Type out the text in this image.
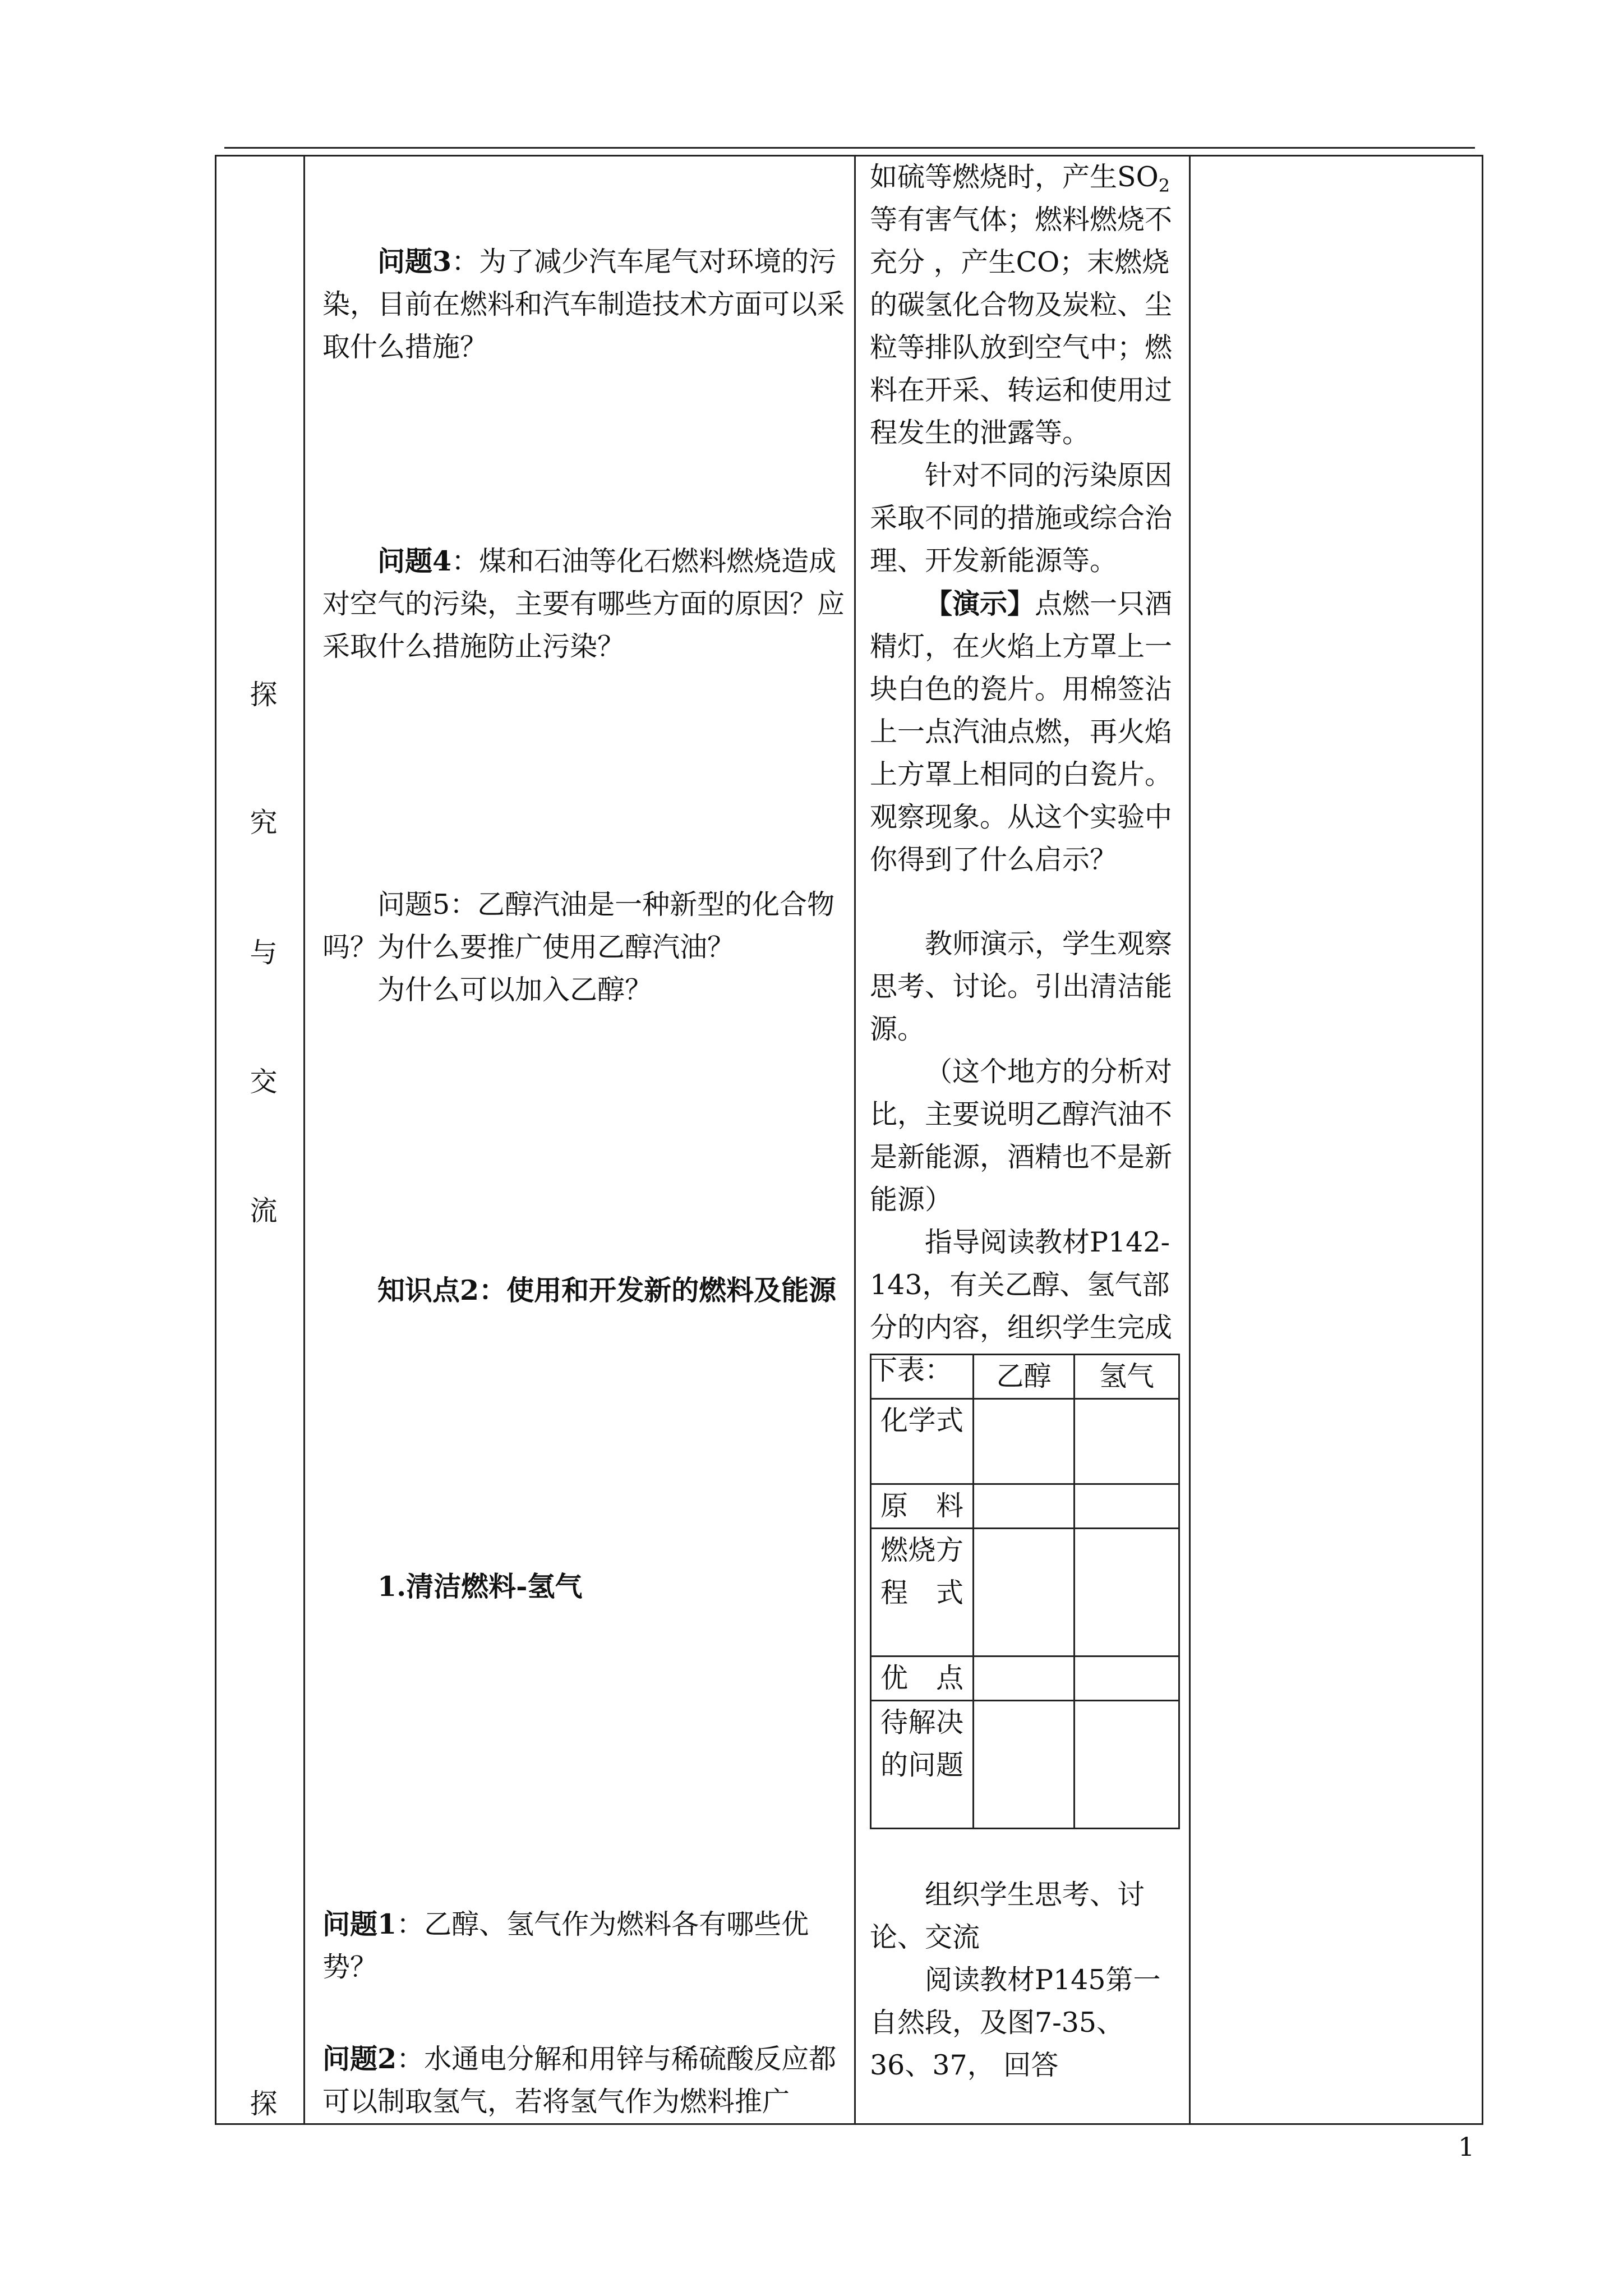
探
究
与
交
流
探
问题3：为了减少汽车尾气对环境的污染，目前在燃料和汽车制造技术方面可以采取什么措施？
问题4：煤和石油等化石燃料燃烧造成对空气的污染，主要有哪些方面的原因？应采取什么措施防止污染？
问题5：乙醇汽油是一种新型的化合物吗？为什么要推广使用乙醇汽油？
为什么可以加入乙醇？
知识点2：使用和开发新的燃料及能源
1.清洁燃料-氢气
问题1：乙醇、氢气作为燃料各有哪些优势？
问题2：水通电分解和用锌与稀硫酸反应都可以制取氢气，若将氢气作为燃料推广
如硫等燃烧时，产生$SO_2$等有害气体；燃料燃烧不充分 ，产生CO；末燃烧的碳氢化合物及炭粒、尘粒等排队放到空气中；燃料在开采、转运和使用过程发生的泄露等。
针对不同的污染原因采取不同的措施或综合治理、开发新能源等。
【演示】点燃一只酒精灯，在火焰上方罩上一块白色的瓷片。用棉签沾上一点汽油点燃，再火焰上方罩上相同的白瓷片。观察现象。从这个实验中你得到了什么启示？
教师演示，学生观察思考、讨论。引出清洁能源。
（这个地方的分析对比，主要说明乙醇汽油不是新能源，酒精也不是新能源）
指导阅读教材P142-143，有关乙醇、氢气部分的内容，组织学生完成下表：
		乙醇	氢气
化学式		
原料		
燃烧方程式		
优点		
待解决的问题		
组织学生思考、讨论、交流
阅读教材P145第一自然段，及图7-35、36、37， 回答
1
